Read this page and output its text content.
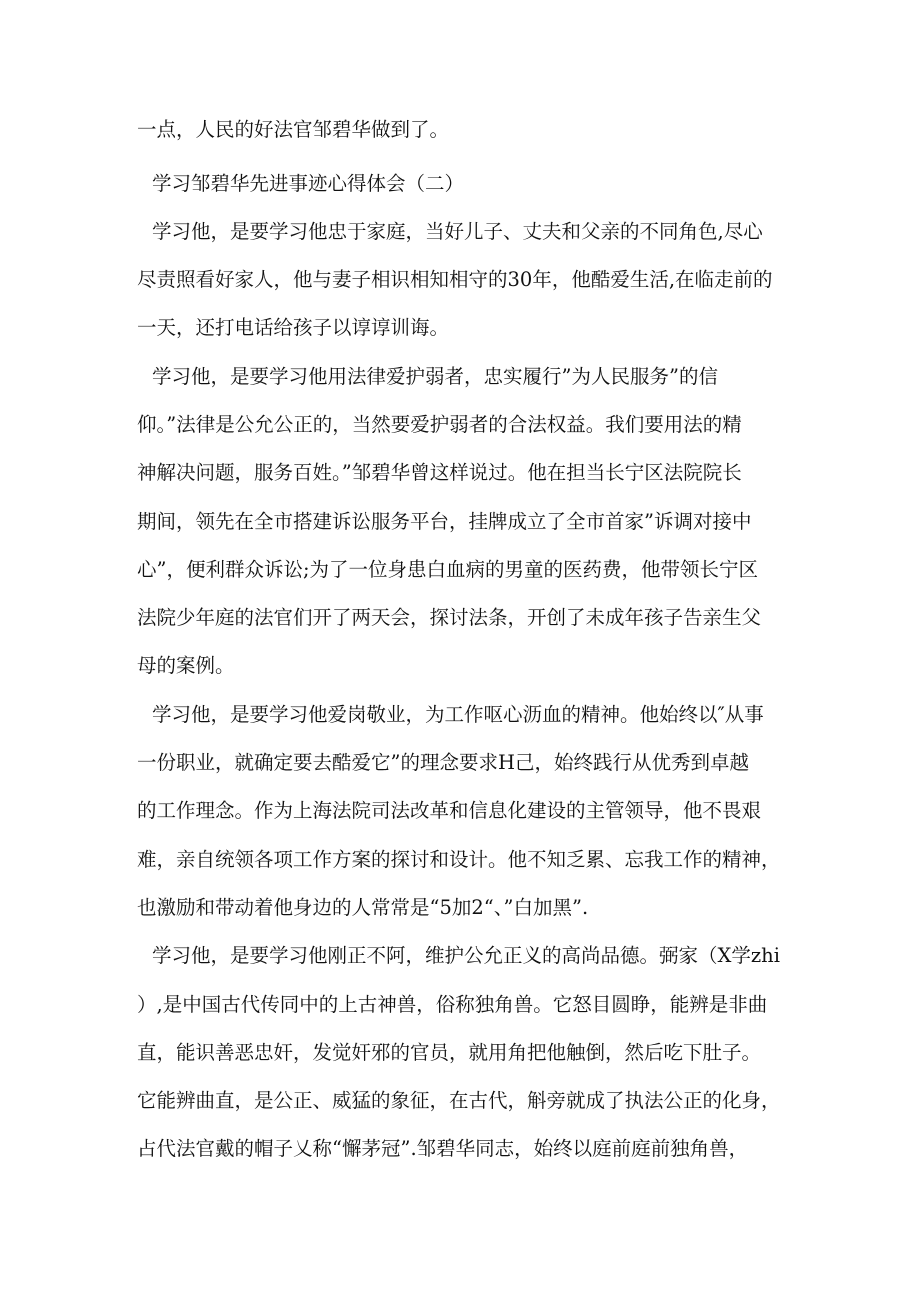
一点，人民的好法官邹碧华做到了。
学习邹碧华先进事迹心得体会（二）
学习他，是要学习他忠于家庭，当好儿子、丈夫和父亲的不同角色,尽心
尽责照看好家人，他与妻子相识相知相守的30年，他酷爱生活,在临走前的
一天，还打电话给孩子以谆谆训诲。
学习他，是要学习他用法律爱护弱者，忠实履行”为人民服务”的信
仰。”法律是公允公正的，当然要爱护弱者的合法权益。我们要用法的精
神解决问题，服务百姓。”邹碧华曾这样说过。他在担当长宁区法院院长
期间，领先在全市搭建诉讼服务平台，挂牌成立了全市首家”诉调对接中
心”，便利群众诉讼;为了一位身患白血病的男童的医药费，他带领长宁区
法院少年庭的法官们开了两天会，探讨法条，开创了未成年孩子告亲生父
母的案例。
学习他，是要学习他爱岗敬业，为工作呕心沥血的精神。他始终以″从事
一份职业，就确定要去酷爱它”的理念要求H己，始终践行从优秀到卓越
的工作理念。作为上海法院司法改革和信息化建设的主管领导，他不畏艰
难，亲自统领各项工作方案的探讨和设计。他不知乏累、忘我工作的精神，
也激励和带动着他身边的人常常是“5加2“、”白加黑”.
学习他，是要学习他刚正不阿，维护公允正义的高尚品德。弼家（X学zhi
）,是中国古代传同中的上古神兽，俗称独角兽。它怒目圆睁，能辨是非曲
直，能识善恶忠奸，发觉奸邪的官员，就用角把他触倒，然后吃下肚子。
它能辨曲直，是公正、威猛的象征，在古代，斛旁就成了执法公正的化身，
占代法官戴的帽子乂称“懈茅冠”.邹碧华同志，始终以庭前庭前独角兽，
